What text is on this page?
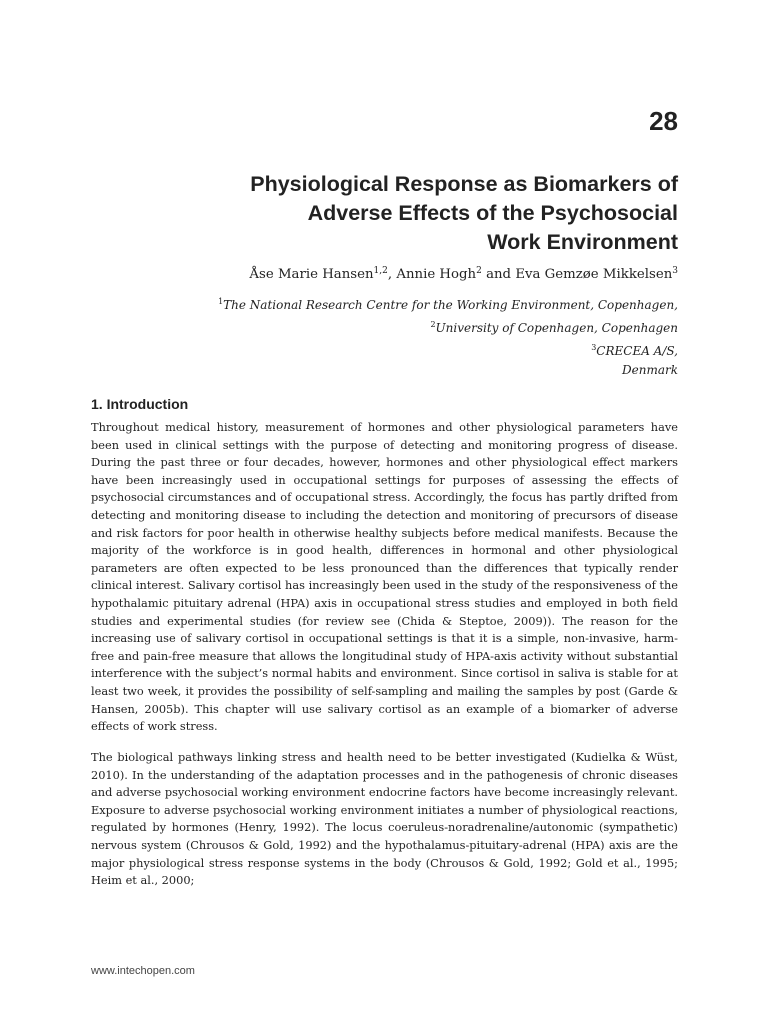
28
Physiological Response as Biomarkers of
Adverse Effects of the Psychosocial
Work Environment
Åse Marie Hansen$^{1,2}$, Annie Hogh$^2$ and Eva Gemzøe Mikkelsen$^3$
$^1$The National Research Centre for the Working Environment, Copenhagen,
$^2$University of Copenhagen, Copenhagen
$^3$CRECEA A/S,
Denmark
1. Introduction

Throughout medical history, measurement of hormones and other physiological parameters have been used in clinical settings with the purpose of detecting and monitoring progress of disease. During the past three or four decades, however, hormones and other physiological effect markers have been increasingly used in occupational settings for purposes of assessing the effects of psychosocial circumstances and of occupational stress. Accordingly, the focus has partly drifted from detecting and monitoring disease to including the detection and monitoring of precursors of disease and risk factors for poor health in otherwise healthy subjects before medical manifests. Because the majority of the workforce is in good health, differences in hormonal and other physiological parameters are often expected to be less pronounced than the differences that typically render clinical interest. Salivary cortisol has increasingly been used in the study of the responsiveness of the hypothalamic pituitary adrenal (HPA) axis in occupational stress studies and employed in both field studies and experimental studies (for review see (Chida & Steptoe, 2009)). The reason for the increasing use of salivary cortisol in occupational settings is that it is a simple, non-invasive, harm-free and pain-free measure that allows the longitudinal study of HPA-axis activity without substantial interference with the subject’s normal habits and environment. Since cortisol in saliva is stable for at least two week, it provides the possibility of self-sampling and mailing the samples by post (Garde & Hansen, 2005b). This chapter will use salivary cortisol as an example of a biomarker of adverse effects of work stress.

The biological pathways linking stress and health need to be better investigated (Kudielka & Wüst, 2010). In the understanding of the adaptation processes and in the pathogenesis of chronic diseases and adverse psychosocial working environment endocrine factors have become increasingly relevant. Exposure to adverse psychosocial working environment initiates a number of physiological reactions, regulated by hormones (Henry, 1992). The locus coeruleus-noradrenaline/autonomic (sympathetic) nervous system (Chrousos & Gold, 1992) and the hypothalamus-pituitary-adrenal (HPA) axis are the major physiological stress response systems in the body (Chrousos & Gold, 1992; Gold et al., 1995; Heim et al., 2000;

www.intechopen.com
